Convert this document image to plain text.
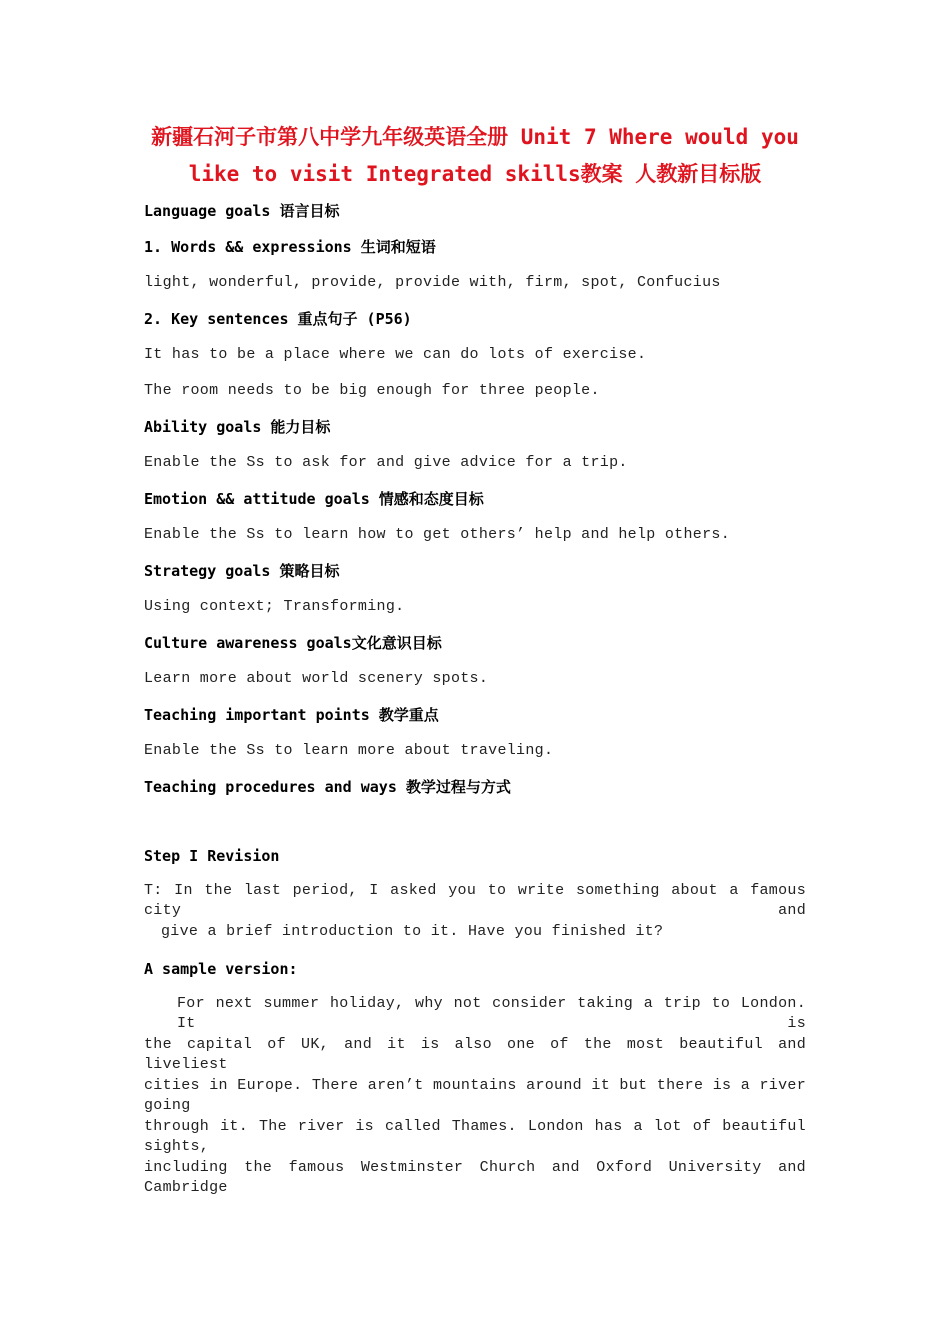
新疆石河子市第八中学九年级英语全册 Unit 7 Where would you
like to visit Integrated skills教案 人教新目标版

Language goals 语言目标

1. Words && expressions 生词和短语

light, wonderful, provide, provide with, firm, spot, Confucius

2. Key sentences 重点句子 (P56)

It has to be a place where we can do lots of exercise.

The room needs to be big enough for three people.

Ability goals 能力目标

Enable the Ss to ask for and give advice for a trip.

Emotion && attitude goals 情感和态度目标

Enable the Ss to learn how to get others’ help and help others.

Strategy goals 策略目标

Using context; Transforming.

Culture awareness goals文化意识目标

Learn more about world scenery spots.

Teaching important points 教学重点

Enable the Ss to learn more about traveling.

Teaching procedures and ways 教学过程与方式

Step I Revision

T: In the last period, I asked you to write something about a famous city and

give a brief introduction to it. Have you finished it?

A sample version:

For next summer holiday, why not consider taking a trip to London. It is

the capital of UK, and it is also one of the most beautiful and liveliest

cities in Europe. There aren’t mountains around it but there is a river going

through it. The river is called Thames. London has a lot of beautiful sights,

including the famous Westminster Church and Oxford University and Cambridge
